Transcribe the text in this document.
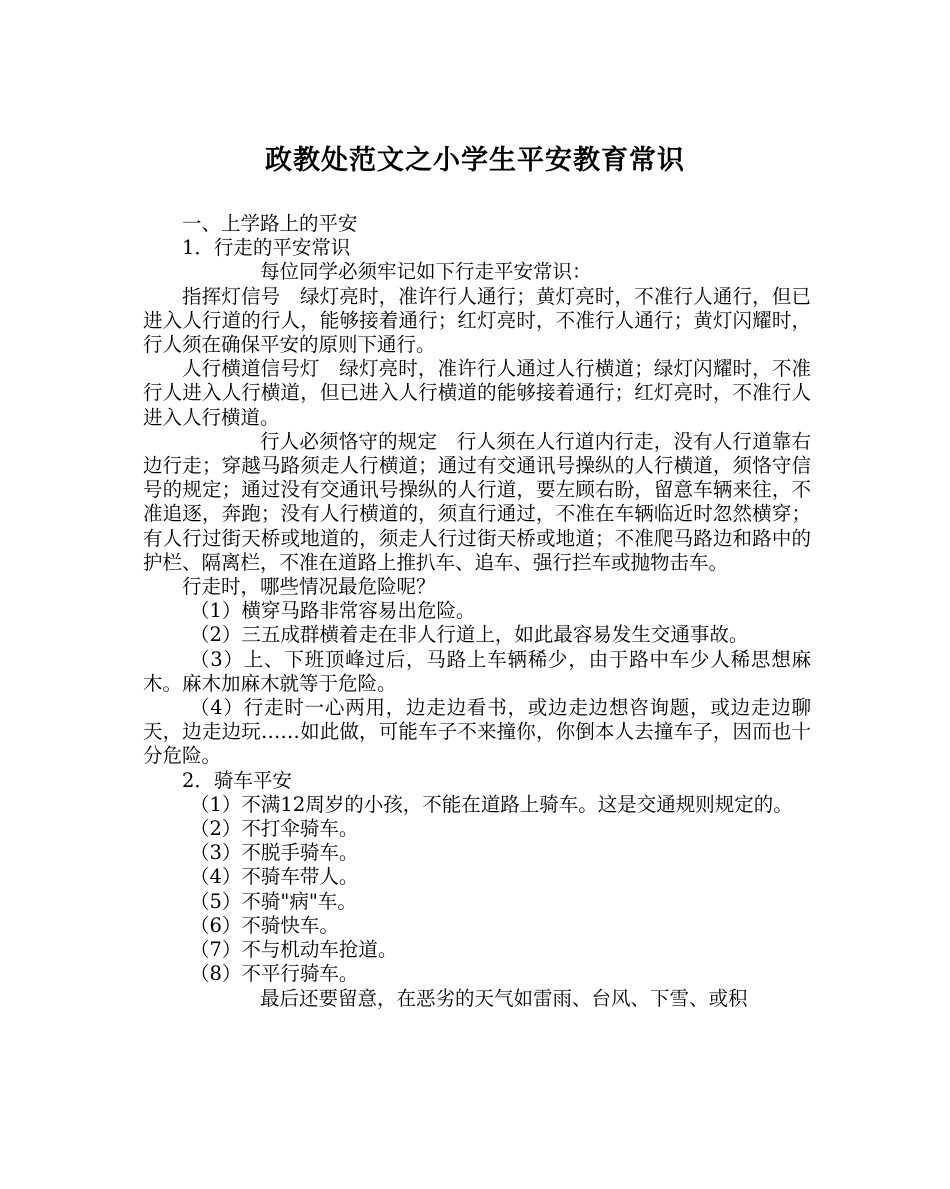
政教处范文之小学生平安教育常识

一、上学路上的平安

1．行走的平安常识

每位同学必须牢记如下行走平安常识：

指挥灯信号　绿灯亮时，准许行人通行；黄灯亮时，不准行人通行，但已进入人行道的行人，能够接着通行；红灯亮时，不准行人通行；黄灯闪耀时，行人须在确保平安的原则下通行。

人行横道信号灯　绿灯亮时，准许行人通过人行横道；绿灯闪耀时，不准行人进入人行横道，但已进入人行横道的能够接着通行；红灯亮时，不准行人进入人行横道。

行人必须恪守的规定　行人须在人行道内行走，没有人行道靠右边行走；穿越马路须走人行横道；通过有交通讯号操纵的人行横道，须恪守信号的规定；通过没有交通讯号操纵的人行道，要左顾右盼，留意车辆来往，不准追逐，奔跑；没有人行横道的，须直行通过，不准在车辆临近时忽然横穿；有人行过街天桥或地道的，须走人行过街天桥或地道；不准爬马路边和路中的护栏、隔离栏，不准在道路上推扒车、追车、强行拦车或抛物击车。

行走时，哪些情况最危险呢？

（1）横穿马路非常容易出危险。

（2）三五成群横着走在非人行道上，如此最容易发生交通事故。

（3）上、下班顶峰过后，马路上车辆稀少，由于路中车少人稀思想麻木。麻木加麻木就等于危险。

（4）行走时一心两用，边走边看书，或边走边想咨询题，或边走边聊天，边走边玩……如此做，可能车子不来撞你，你倒本人去撞车子，因而也十分危险。

2．骑车平安

（1）不满12周岁的小孩，不能在道路上骑车。这是交通规则规定的。

（2）不打伞骑车。

（3）不脱手骑车。

（4）不骑车带人。

（5）不骑"病"车。

（6）不骑快车。

（7）不与机动车抢道。

（8）不平行骑车。

最后还要留意，在恶劣的天气如雷雨、台风、下雪、或积
